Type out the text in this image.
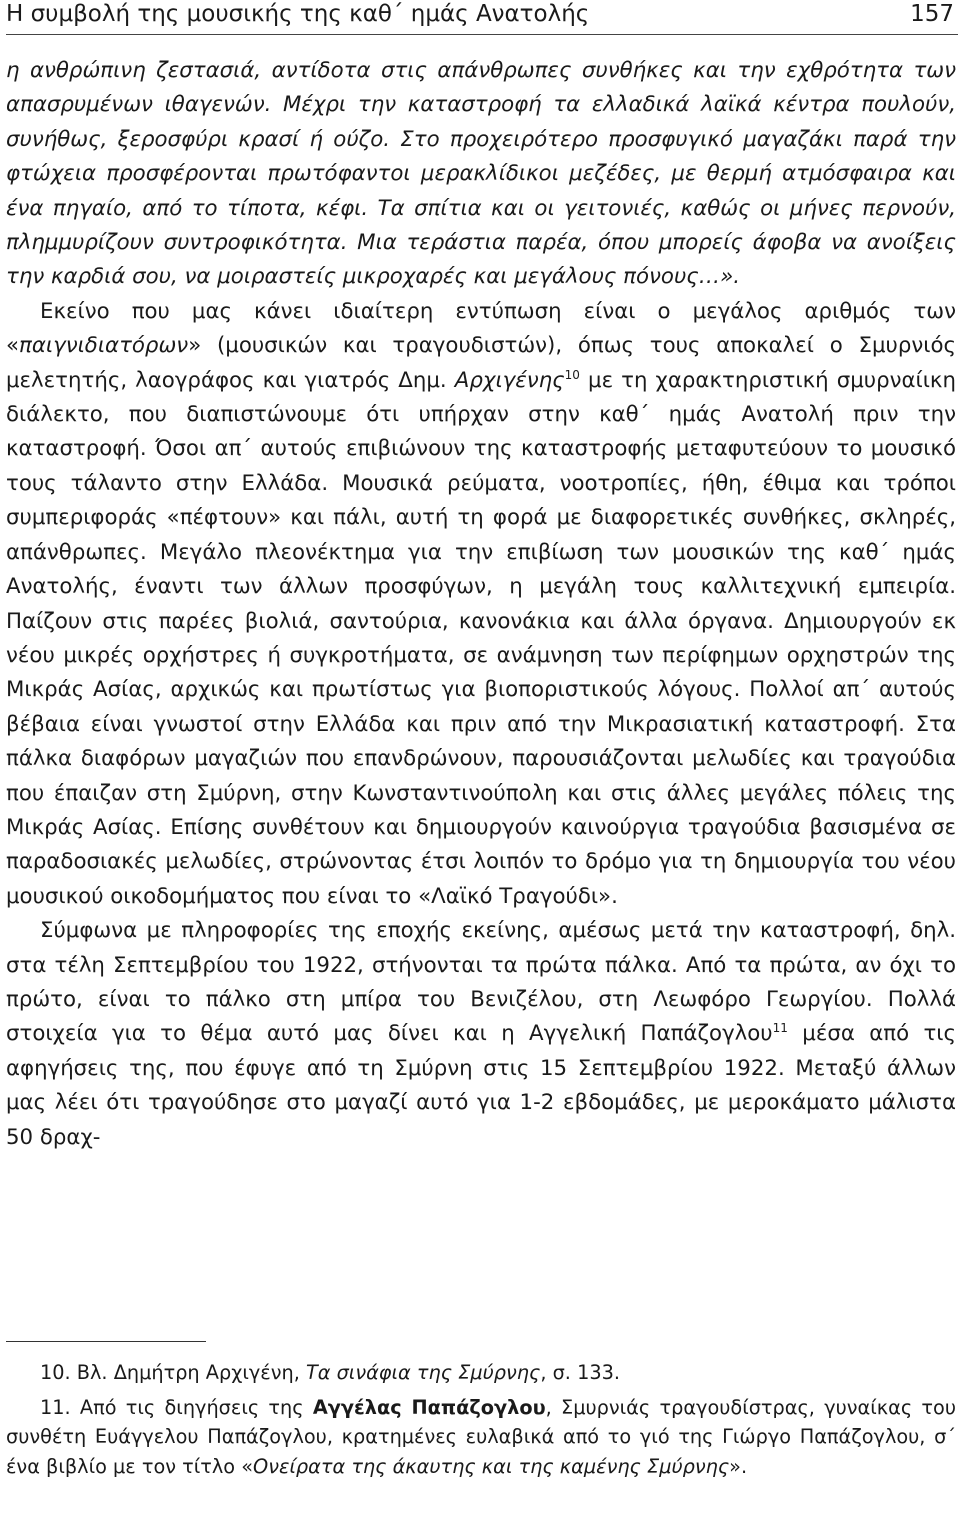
Η συμβολή της μουσικής της καθ΄ ημάς Ανατολής	157

η ανθρώπινη ζεστασιά, αντίδοτα στις απάνθρωπες συνθήκες και την εχθρότητα των απασρυμένων ιθαγενών. Μέχρι την καταστροφή τα ελλαδικά λαϊκά κέντρα πουλούν, συνήθως, ξεροσφύρι κρασί ή ούζο. Στο προχειρότερο προσφυγικό μαγαζάκι παρά την φτώχεια προσφέρονται πρωτόφαντοι μερακλίδικοι μεζέδες, με θερμή ατμόσφαιρα και ένα πηγαίο, από το τίποτα, κέφι. Τα σπίτια και οι γειτονιές, καθώς οι μήνες περνούν, πλημμυρίζουν συντροφικότητα. Μια τεράστια παρέα, όπου μπορείς άφοβα να ανοίξεις την καρδιά σου, να μοιραστείς μικροχαρές και μεγάλους πόνους…».

Εκείνο που μας κάνει ιδιαίτερη εντύπωση είναι ο μεγάλος αριθμός των «παιγνιδιατόρων» (μουσικών και τραγουδιστών), όπως τους αποκαλεί ο Σμυρνιός μελετητής, λαογράφος και γιατρός Δημ. Αρχιγένης$^{10}$ με τη χαρακτηριστική σμυρναίικη διάλεκτο, που διαπιστώνουμε ότι υπήρχαν στην καθ΄ ημάς Ανατολή πριν την καταστροφή. Όσοι απ΄ αυτούς επιβιώνουν της καταστροφής μεταφυτεύουν το μουσικό τους τάλαντο στην Ελλάδα. Μουσικά ρεύματα, νοοτροπίες, ήθη, έθιμα και τρόποι συμπεριφοράς «πέφτουν» και πάλι, αυτή τη φορά με διαφορετικές συνθήκες, σκληρές, απάνθρωπες. Μεγάλο πλεονέκτημα για την επιβίωση των μουσικών της καθ΄ ημάς Ανατολής, έναντι των άλλων προσφύγων, η μεγάλη τους καλλιτεχνική εμπειρία. Παίζουν στις παρέες βιολιά, σαντούρια, κανονάκια και άλλα όργανα. Δημιουργούν εκ νέου μικρές ορχήστρες ή συγκροτήματα, σε ανάμνηση των περίφημων ορχηστρών της Μικράς Ασίας, αρχικώς και πρωτίστως για βιοποριστικούς λόγους. Πολλοί απ΄ αυτούς βέβαια είναι γνωστοί στην Ελλάδα και πριν από την Μικρασιατική καταστροφή. Στα πάλκα διαφόρων μαγαζιών που επανδρώνουν, παρουσιάζονται μελωδίες και τραγούδια που έπαιζαν στη Σμύρνη, στην Κωνσταντινούπολη και στις άλλες μεγάλες πόλεις της Μικράς Ασίας. Επίσης συνθέτουν και δημιουργούν καινούργια τραγούδια βασισμένα σε παραδοσιακές μελωδίες, στρώνοντας έτσι λοιπόν το δρόμο για τη δημιουργία του νέου μουσικού οικοδομήματος που είναι το «Λαϊκό Τραγούδι».

Σύμφωνα με πληροφορίες της εποχής εκείνης, αμέσως μετά την καταστροφή, δηλ. στα τέλη Σεπτεμβρίου του 1922, στήνονται τα πρώτα πάλκα. Από τα πρώτα, αν όχι το πρώτο, είναι το πάλκο στη μπίρα του Βενιζέλου, στη Λεωφόρο Γεωργίου. Πολλά στοιχεία για το θέμα αυτό μας δίνει και η Αγγελική Παπάζογλου$^{11}$ μέσα από τις αφηγήσεις της, που έφυγε από τη Σμύρνη στις 15 Σεπτεμβρίου 1922. Μεταξύ άλλων μας λέει ότι τραγούδησε στο μαγαζί αυτό για 1-2 εβδομάδες, με μεροκάματο μάλιστα 50 δραχ-

10. Βλ. Δημήτρη Αρχιγένη, Τα σινάφια της Σμύρνης, σ. 133.

11. Από τις διηγήσεις της Αγγέλας Παπάζογλου, Σμυρνιάς τραγουδίστρας, γυναίκας του συνθέτη Ευάγγελου Παπάζογλου, κρατημένες ευλαβικά από το γιό της Γιώργο Παπάζογλου, σ΄ ένα βιβλίο με τον τίτλο «Ονείρατα της άκαυτης και της καμένης Σμύρνης».
